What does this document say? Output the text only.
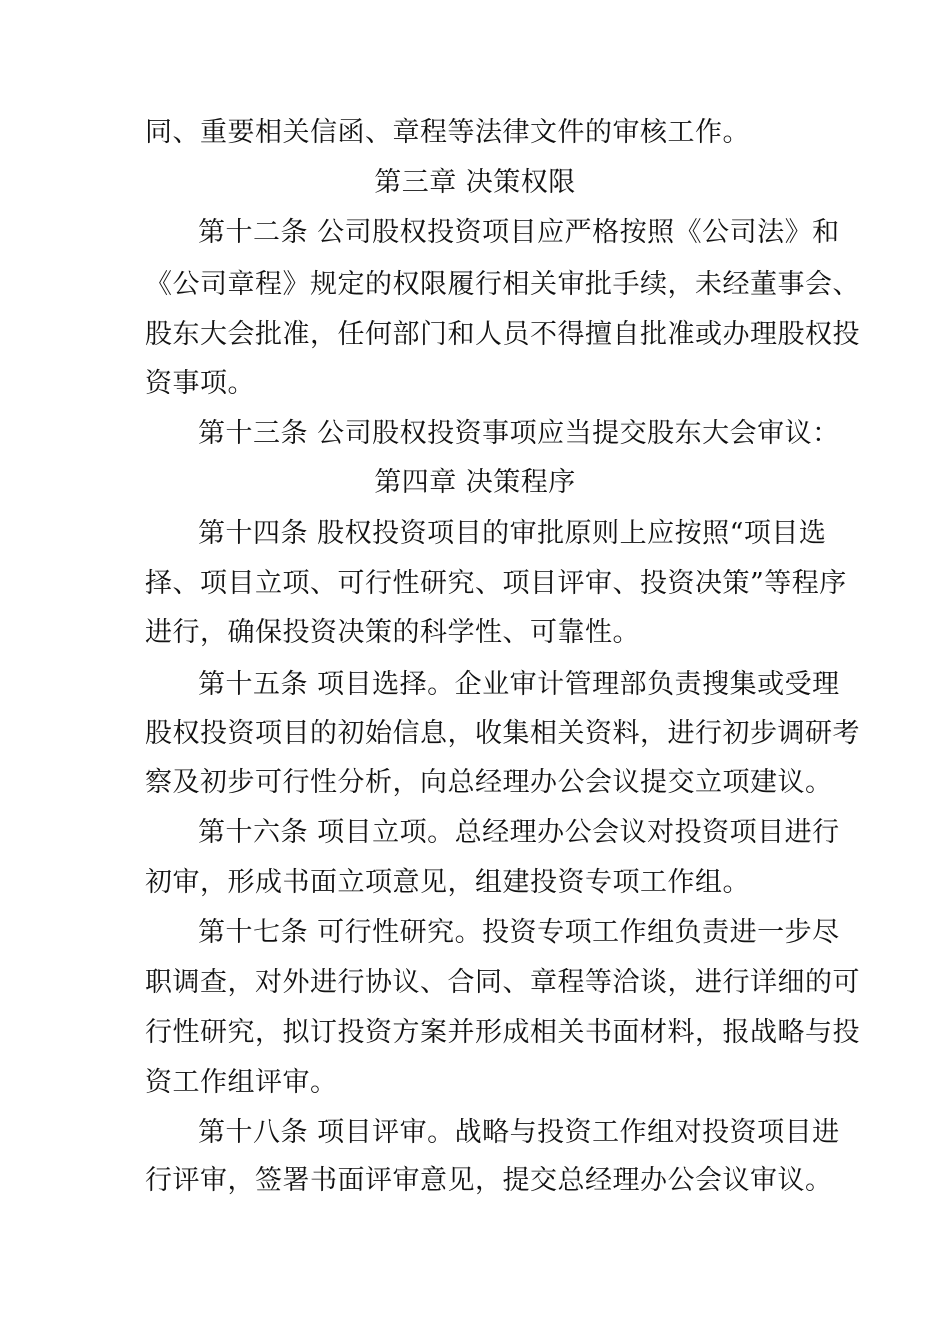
同、重要相关信函、章程等法律文件的审核工作。
第三章 决策权限
第十二条 公司股权投资项目应严格按照《公司法》和
《公司章程》规定的权限履行相关审批手续，未经董事会、
股东大会批准，任何部门和人员不得擅自批准或办理股权投
资事项。
第十三条 公司股权投资事项应当提交股东大会审议：
第四章 决策程序
第十四条 股权投资项目的审批原则上应按照“项目选
择、项目立项、可行性研究、项目评审、投资决策”等程序
进行，确保投资决策的科学性、可靠性。
第十五条 项目选择。企业审计管理部负责搜集或受理
股权投资项目的初始信息，收集相关资料，进行初步调研考
察及初步可行性分析，向总经理办公会议提交立项建议。
第十六条 项目立项。总经理办公会议对投资项目进行
初审，形成书面立项意见，组建投资专项工作组。
第十七条 可行性研究。投资专项工作组负责进一步尽
职调查，对外进行协议、合同、章程等洽谈，进行详细的可
行性研究，拟订投资方案并形成相关书面材料，报战略与投
资工作组评审。
第十八条 项目评审。战略与投资工作组对投资项目进
行评审，签署书面评审意见，提交总经理办公会议审议。
